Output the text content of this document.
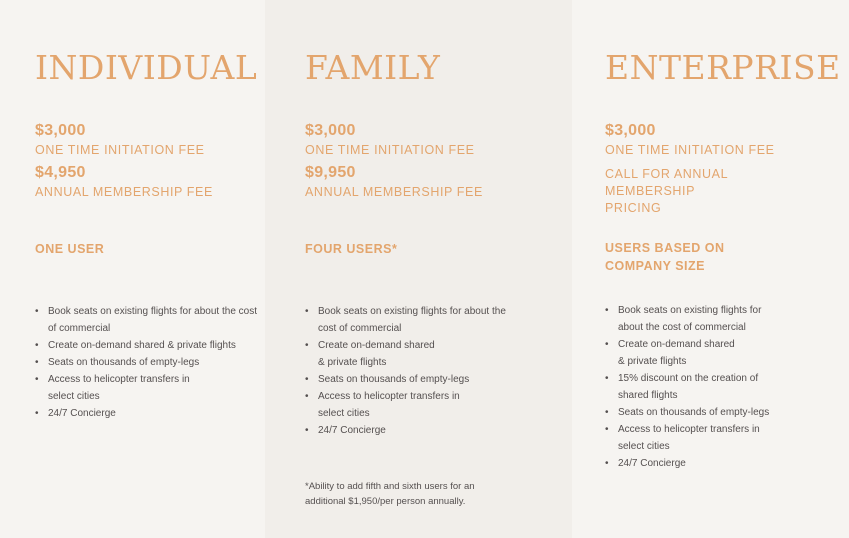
INDIVIDUAL

$3,000

ONE TIME INITIATION FEE

$4,950

ANNUAL MEMBERSHIP FEE

ONE USER

• Book seats on existing flights for about the cost of commercial
• Create on-demand shared & private flights
• Seats on thousands of empty-legs
• Access to helicopter transfers in select cities
• 24/7 Concierge
FAMILY

$3,000

ONE TIME INITIATION FEE

$9,950

ANNUAL MEMBERSHIP FEE

FOUR USERS*

• Book seats on existing flights for about the cost of commercial
• Create on-demand shared & private flights
• Seats on thousands of empty-legs
• Access to helicopter transfers in select cities
• 24/7 Concierge

*Ability to add fifth and sixth users for an additional $1,950/per person annually.

ENTERPRISE

$3,000

ONE TIME INITIATION FEE

CALL FOR ANNUAL MEMBERSHIP PRICING

USERS BASED ON COMPANY SIZE

• Book seats on existing flights for about the cost of commercial
• Create on-demand shared & private flights
• 15% discount on the creation of shared flights
• Seats on thousands of empty-legs
• Access to helicopter transfers in select cities
• 24/7 Concierge
